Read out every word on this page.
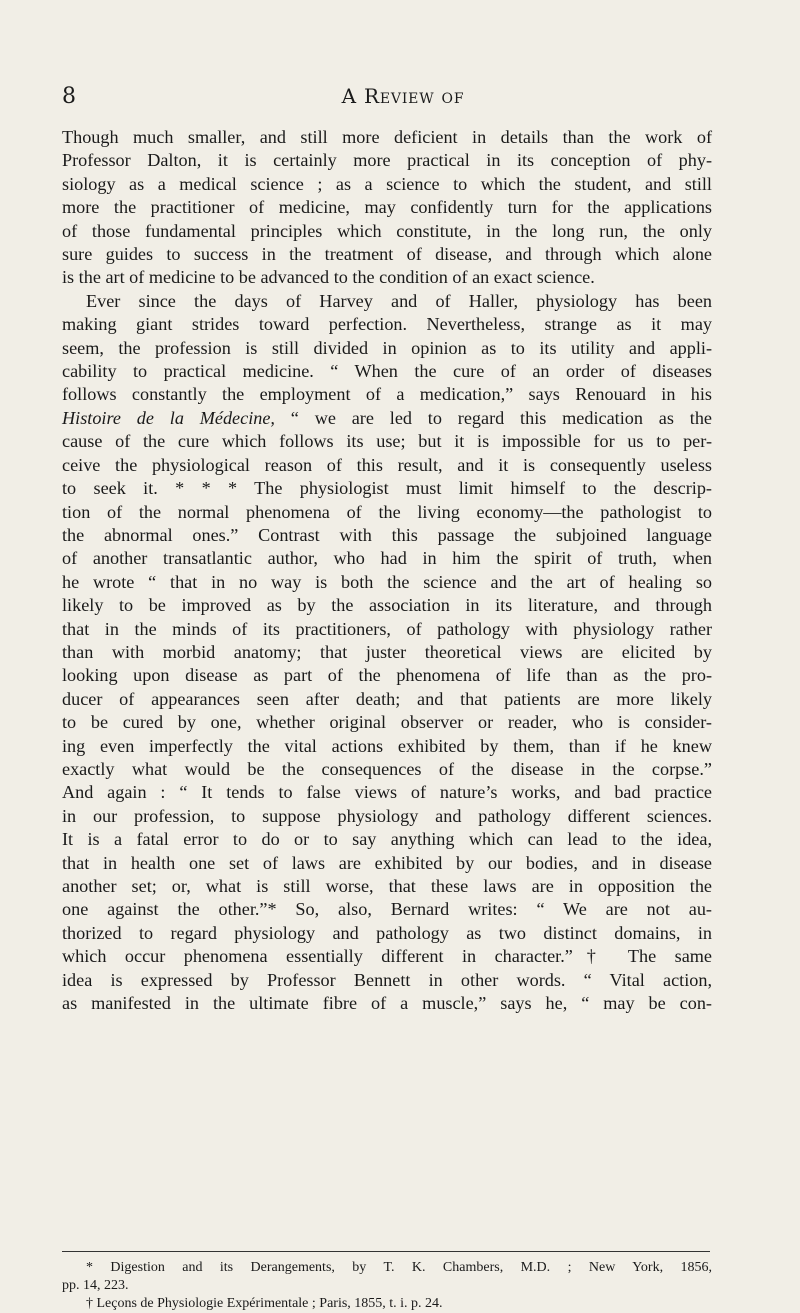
8	A Review of
Though much smaller, and still more deficient in details than the work of
Professor Dalton, it is certainly more practical in its conception of phy-
siology as a medical science ; as a science to which the student, and still
more the practitioner of medicine, may confidently turn for the applications
of those fundamental principles which constitute, in the long run, the only
sure guides to success in the treatment of disease, and through which alone
is the art of medicine to be advanced to the condition of an exact science.
Ever since the days of Harvey and of Haller, physiology has been
making giant strides toward perfection. Nevertheless, strange as it may
seem, the profession is still divided in opinion as to its utility and appli-
cability to practical medicine. “ When the cure of an order of diseases
follows constantly the employment of a medication,” says Renouard in his
Histoire de la Médecine, “ we are led to regard this medication as the
cause of the cure which follows its use; but it is impossible for us to per-
ceive the physiological reason of this result, and it is consequently useless
to seek it. * * * The physiologist must limit himself to the descrip-
tion of the normal phenomena of the living economy—the pathologist to
the abnormal ones.” Contrast with this passage the subjoined language
of another transatlantic author, who had in him the spirit of truth, when
he wrote “ that in no way is both the science and the art of healing so
likely to be improved as by the association in its literature, and through
that in the minds of its practitioners, of pathology with physiology rather
than with morbid anatomy; that juster theoretical views are elicited by
looking upon disease as part of the phenomena of life than as the pro-
ducer of appearances seen after death; and that patients are more likely
to be cured by one, whether original observer or reader, who is consider-
ing even imperfectly the vital actions exhibited by them, than if he knew
exactly what would be the consequences of the disease in the corpse.”
And again : “ It tends to false views of nature’s works, and bad practice
in our profession, to suppose physiology and pathology different sciences.
It is a fatal error to do or to say anything which can lead to the idea,
that in health one set of laws are exhibited by our bodies, and in disease
another set; or, what is still worse, that these laws are in opposition the
one against the other.”* So, also, Bernard writes: “ We are not au-
thorized to regard physiology and pathology as two distinct domains, in
which occur phenomena essentially different in character.”† The same
idea is expressed by Professor Bennett in other words. “ Vital action,
as manifested in the ultimate fibre of a muscle,” says he, “ may be con-
* Digestion and its Derangements, by T. K. Chambers, M.D. ; New York, 1856,
pp. 14, 223.
† Leçons de Physiologie Expérimentale ; Paris, 1855, t. i. p. 24.
